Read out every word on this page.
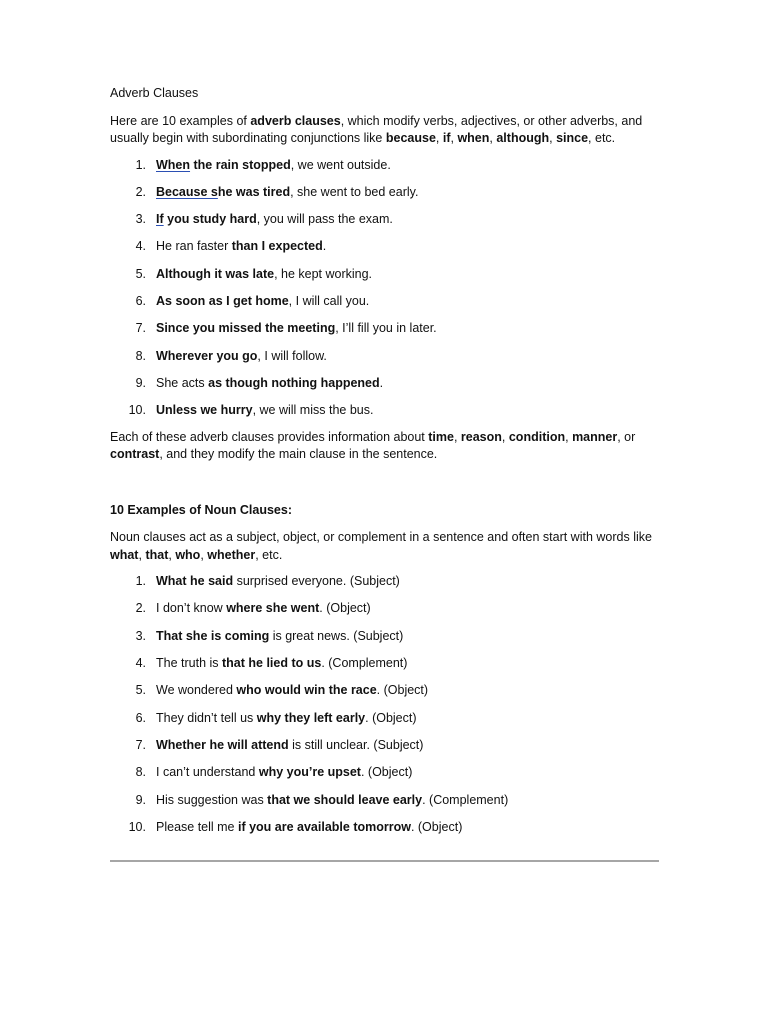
Adverb Clauses

Here are 10 examples of adverb clauses, which modify verbs, adjectives, or other adverbs, and usually begin with subordinating conjunctions like because, if, when, although, since, etc.

1. When the rain stopped, we went outside.
2. Because she was tired, she went to bed early.
3. If you study hard, you will pass the exam.
4. He ran faster than I expected.
5. Although it was late, he kept working.
6. As soon as I get home, I will call you.
7. Since you missed the meeting, I’ll fill you in later.
8. Wherever you go, I will follow.
9. She acts as though nothing happened.
10. Unless we hurry, we will miss the bus.

Each of these adverb clauses provides information about time, reason, condition, manner, or contrast, and they modify the main clause in the sentence.

10 Examples of Noun Clauses:

Noun clauses act as a subject, object, or complement in a sentence and often start with words like what, that, who, whether, etc.

1. What he said surprised everyone. (Subject)
2. I don’t know where she went. (Object)
3. That she is coming is great news. (Subject)
4. The truth is that he lied to us. (Complement)
5. We wondered who would win the race. (Object)
6. They didn’t tell us why they left early. (Object)
7. Whether he will attend is still unclear. (Subject)
8. I can’t understand why you’re upset. (Object)
9. His suggestion was that we should leave early. (Complement)
10. Please tell me if you are available tomorrow. (Object)
